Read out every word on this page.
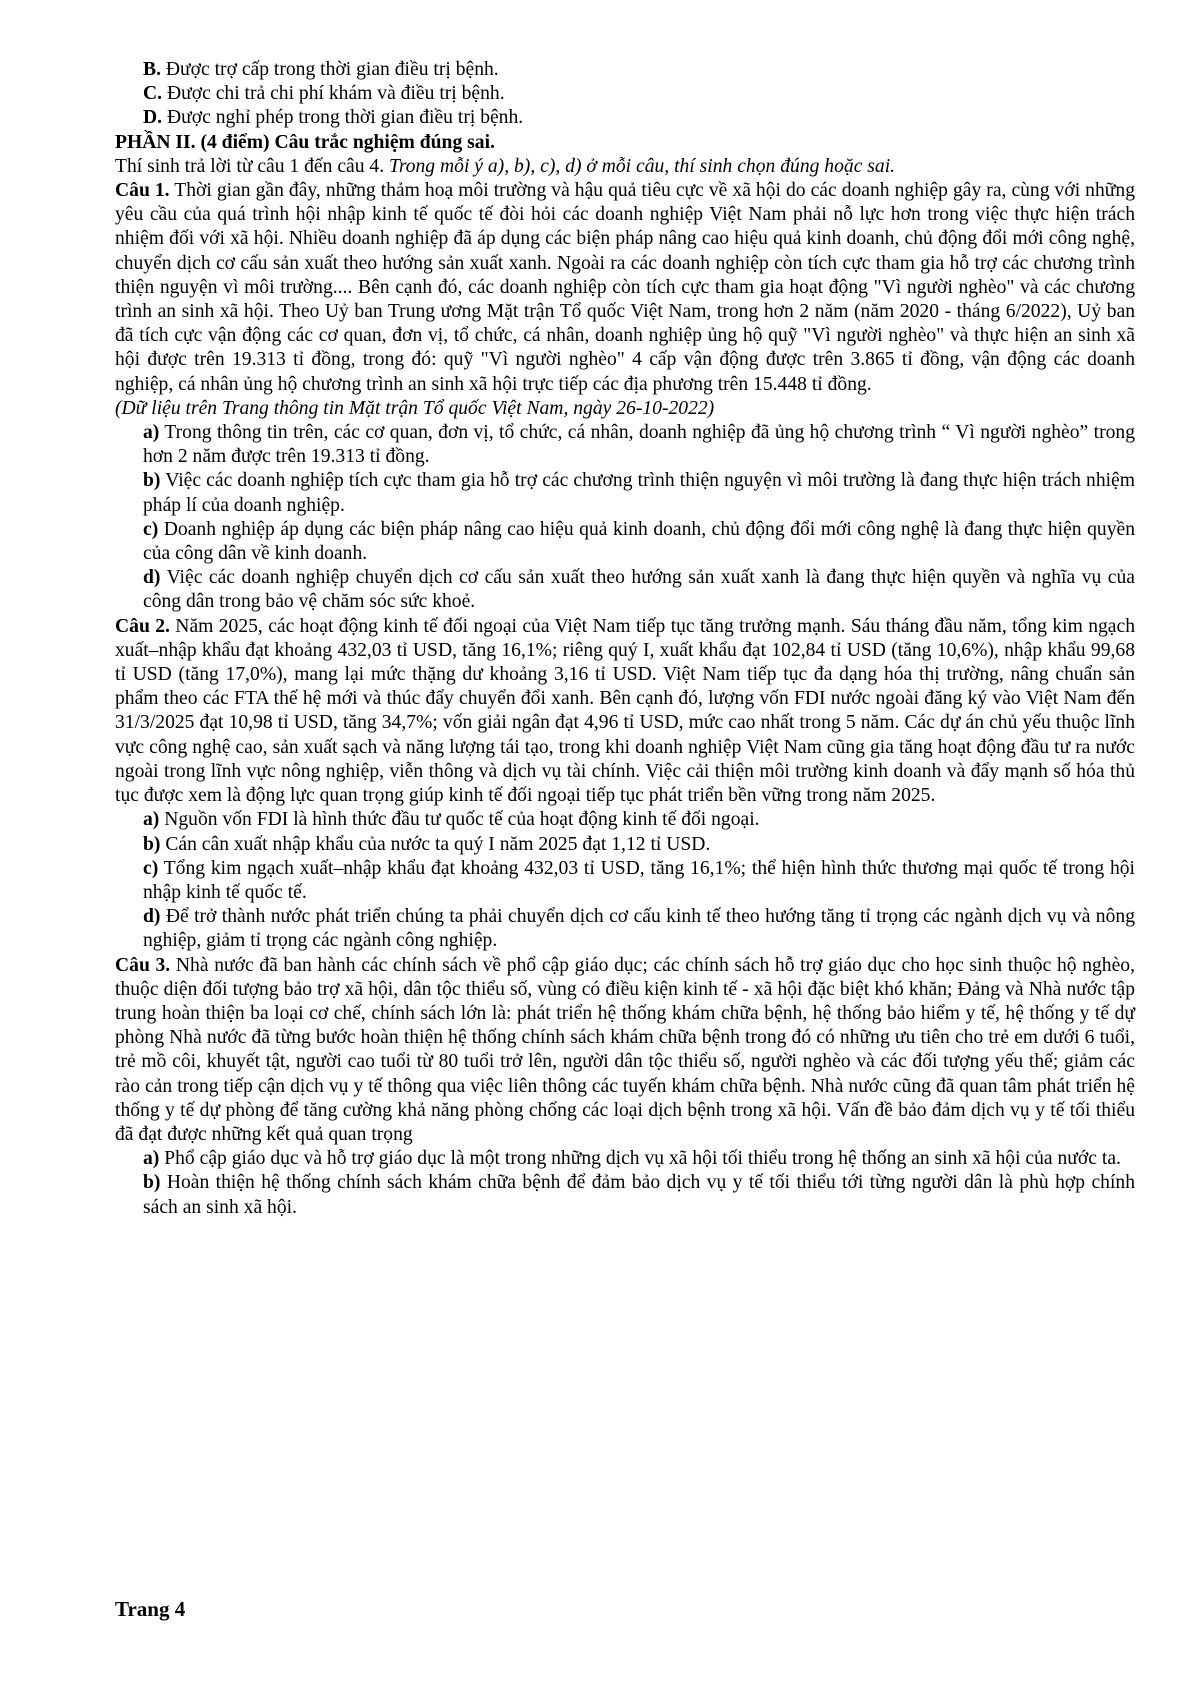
B. Được trợ cấp trong thời gian điều trị bệnh.

C. Được chi trả chi phí khám và điều trị bệnh.

D. Được nghỉ phép trong thời gian điều trị bệnh.

PHẦN II. (4 điểm) Câu trắc nghiệm đúng sai.

Thí sinh trả lời từ câu 1 đến câu 4. Trong mỗi ý a), b), c), d) ở mỗi câu, thí sinh chọn đúng hoặc sai.

Câu 1. Thời gian gần đây, những thảm hoạ môi trường và hậu quả tiêu cực về xã hội do các doanh nghiệp gây ra, cùng với những yêu cầu của quá trình hội nhập kinh tế quốc tế đòi hỏi các doanh nghiệp Việt Nam phải nỗ lực hơn trong việc thực hiện trách nhiệm đối với xã hội. Nhiều doanh nghiệp đã áp dụng các biện pháp nâng cao hiệu quả kinh doanh, chủ động đổi mới công nghệ, chuyển dịch cơ cấu sản xuất theo hướng sản xuất xanh. Ngoài ra các doanh nghiệp còn tích cực tham gia hỗ trợ các chương trình thiện nguyện vì môi trường.... Bên cạnh đó, các doanh nghiệp còn tích cực tham gia hoạt động "Vì người nghèo" và các chương trình an sinh xã hội. Theo Uỷ ban Trung ương Mặt trận Tổ quốc Việt Nam, trong hơn 2 năm (năm 2020 - tháng 6/2022), Uỷ ban đã tích cực vận động các cơ quan, đơn vị, tổ chức, cá nhân, doanh nghiệp ủng hộ quỹ "Vì người nghèo" và thực hiện an sinh xã hội được trên 19.313 tỉ đồng, trong đó: quỹ "Vì người nghèo" 4 cấp vận động được trên 3.865 tỉ đồng, vận động các doanh nghiệp, cá nhân ủng hộ chương trình an sinh xã hội trực tiếp các địa phương trên 15.448 tỉ đồng.

(Dữ liệu trên Trang thông tin Mặt trận Tổ quốc Việt Nam, ngày 26-10-2022)

a) Trong thông tin trên, các cơ quan, đơn vị, tổ chức, cá nhân, doanh nghiệp đã ủng hộ chương trình “ Vì người nghèo” trong hơn 2 năm được trên 19.313 tỉ đồng.

b) Việc các doanh nghiệp tích cực tham gia hỗ trợ các chương trình thiện nguyện vì môi trường là đang thực hiện trách nhiệm pháp lí của doanh nghiệp.

c) Doanh nghiệp áp dụng các biện pháp nâng cao hiệu quả kinh doanh, chủ động đổi mới công nghệ là đang thực hiện quyền của công dân về kinh doanh.

d) Việc các doanh nghiệp chuyển dịch cơ cấu sản xuất theo hướng sản xuất xanh là đang thực hiện quyền và nghĩa vụ của công dân trong bảo vệ chăm sóc sức khoẻ.

Câu 2. Năm 2025, các hoạt động kinh tế đối ngoại của Việt Nam tiếp tục tăng trưởng mạnh. Sáu tháng đầu năm, tổng kim ngạch xuất–nhập khẩu đạt khoảng 432,03 tỉ USD, tăng 16,1%; riêng quý I, xuất khẩu đạt 102,84 tỉ USD (tăng 10,6%), nhập khẩu 99,68 tỉ USD (tăng 17,0%), mang lại mức thặng dư khoảng 3,16 tỉ USD. Việt Nam tiếp tục đa dạng hóa thị trường, nâng chuẩn sản phẩm theo các FTA thế hệ mới và thúc đẩy chuyển đổi xanh. Bên cạnh đó, lượng vốn FDI nước ngoài đăng ký vào Việt Nam đến 31/3/2025 đạt 10,98 tỉ USD, tăng 34,7%; vốn giải ngân đạt 4,96 tỉ USD, mức cao nhất trong 5 năm. Các dự án chủ yếu thuộc lĩnh vực công nghệ cao, sản xuất sạch và năng lượng tái tạo, trong khi doanh nghiệp Việt Nam cũng gia tăng hoạt động đầu tư ra nước ngoài trong lĩnh vực nông nghiệp, viễn thông và dịch vụ tài chính. Việc cải thiện môi trường kinh doanh và đẩy mạnh số hóa thủ tục được xem là động lực quan trọng giúp kinh tế đối ngoại tiếp tục phát triển bền vững trong năm 2025.

a) Nguồn vốn FDI là hình thức đầu tư quốc tế của hoạt động kinh tế đối ngoại.

b) Cán cân xuất nhập khẩu của nước ta quý I năm 2025 đạt 1,12 tỉ USD.

c) Tổng kim ngạch xuất–nhập khẩu đạt khoảng 432,03 tỉ USD, tăng 16,1%; thể hiện hình thức thương mại quốc tế trong hội nhập kinh tế quốc tế.

d) Để trở thành nước phát triển chúng ta phải chuyển dịch cơ cấu kinh tế theo hướng tăng tỉ trọng các ngành dịch vụ và nông nghiệp, giảm tỉ trọng các ngành công nghiệp.

Câu 3. Nhà nước đã ban hành các chính sách về phổ cập giáo dục; các chính sách hỗ trợ giáo dục cho học sinh thuộc hộ nghèo, thuộc diện đối tượng bảo trợ xã hội, dân tộc thiểu số, vùng có điều kiện kinh tế - xã hội đặc biệt khó khăn; Đảng và Nhà nước tập trung hoàn thiện ba loại cơ chế, chính sách lớn là: phát triển hệ thống khám chữa bệnh, hệ thống bảo hiểm y tế, hệ thống y tế dự phòng Nhà nước đã từng bước hoàn thiện hệ thống chính sách khám chữa bệnh trong đó có những ưu tiên cho trẻ em dưới 6 tuổi, trẻ mồ côi, khuyết tật, người cao tuổi từ 80 tuổi trở lên, người dân tộc thiểu số, người nghèo và các đối tượng yếu thế; giảm các rào cản trong tiếp cận dịch vụ y tế thông qua việc liên thông các tuyến khám chữa bệnh. Nhà nước cũng đã quan tâm phát triển hệ thống y tế dự phòng để tăng cường khả năng phòng chống các loại dịch bệnh trong xã hội. Vấn đề bảo đảm dịch vụ y tế tối thiểu đã đạt được những kết quả quan trọng

a) Phổ cập giáo dục và hỗ trợ giáo dục là một trong những dịch vụ xã hội tối thiểu trong hệ thống an sinh xã hội của nước ta.

b) Hoàn thiện hệ thống chính sách khám chữa bệnh để đảm bảo dịch vụ y tế tối thiểu tới từng người dân là phù hợp chính sách an sinh xã hội.

Trang 4
